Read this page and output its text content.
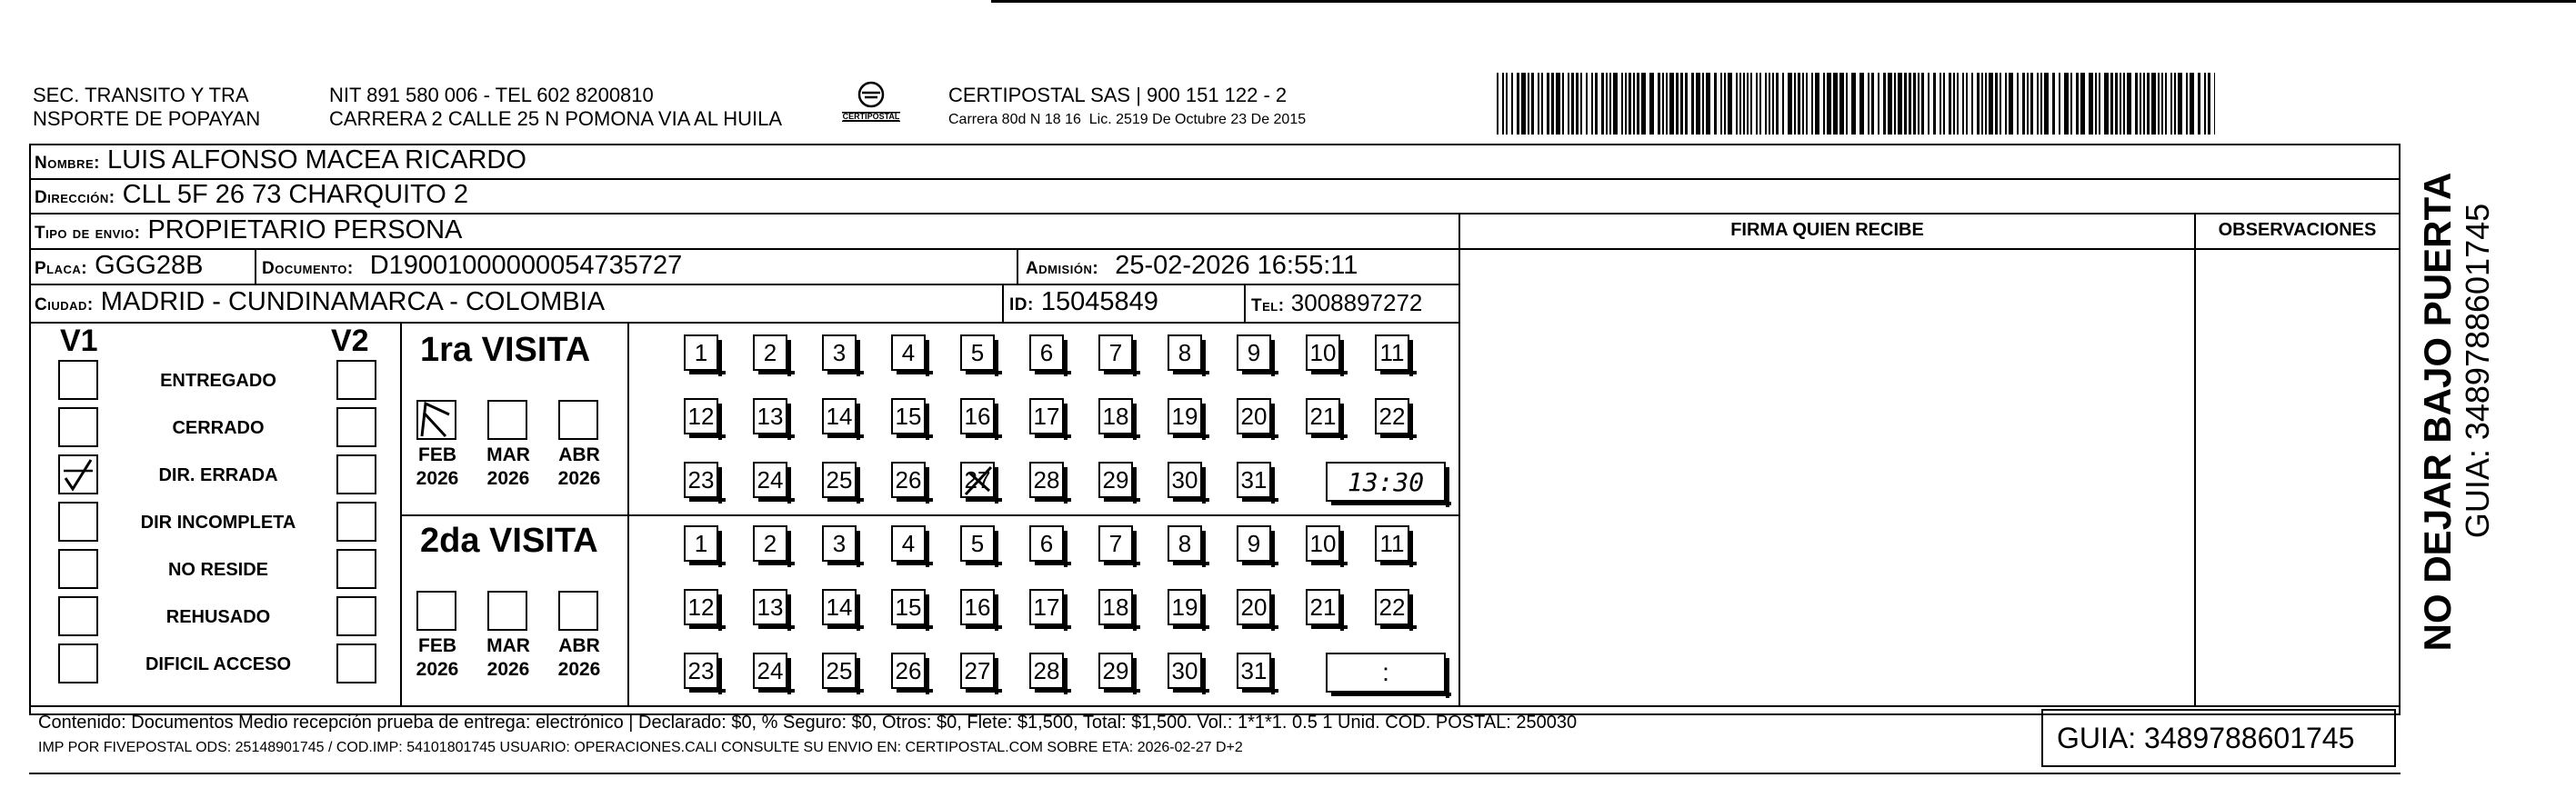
SEC. TRANSITO Y TRA
NSPORTE DE POPAYAN
NIT 891 580 006 - TEL 602 8200810
CARRERA 2 CALLE 25 N POMONA VIA AL HUILA	CERTIPOSTAL
CERTIPOSTAL SAS | 900 151 122 - 2
Carrera 80d N 18 16  Lic. 2519 De Octubre 23 De 2015
Nombre: LUIS ALFONSO MACEA RICARDO
Dirección: CLL 5F 26 73 CHARQUITO 2
Tipo de envio: PROPIETARIO PERSONA	FIRMA QUIEN RECIBE	OBSERVACIONES
Placa: GGG28B	Documento: D19001000000054735727	Admisión: 25-02-2026 16:55:11
Ciudad: MADRID - CUNDINAMARCA - COLOMBIA	ID: 15045849	Tel: 3008897272
V1	V2
ENTREGADO
CERRADO
DIR. ERRADA
DIR INCOMPLETA
NO RESIDE
REHUSADO
DIFICIL ACCESO
1ra VISITA
2da VISITA
FEB
2026
MAR
2026
ABR
2026
1 2 3 4 5 6 7 8 9 10 11
12 13 14 15 16 17 18 19 20 21 22
23 24 25 26 27 28 29 30 31	13:30
FEB
2026
MAR
2026
ABR
2026
1 2 3 4 5 6 7 8 9 10 11
12 13 14 15 16 17 18 19 20 21 22
23 24 25 26 27 28 29 30 31	:
NO DEJAR BAJO PUERTA GUIA: 3489788601745
Contenido: Documentos Medio recepción prueba de entrega: electrónico | Declarado: $0, % Seguro: $0, Otros: $0, Flete: $1,500, Total: $1,500. Vol.: 1*1*1. 0.5 1 Unid. COD. POSTAL: 250030
IMP POR FIVEPOSTAL ODS: 25148901745 / COD.IMP: 54101801745 USUARIO: OPERACIONES.CALI CONSULTE SU ENVIO EN: CERTIPOSTAL.COM SOBRE ETA: 2026-02-27 D+2	GUIA: 3489788601745
